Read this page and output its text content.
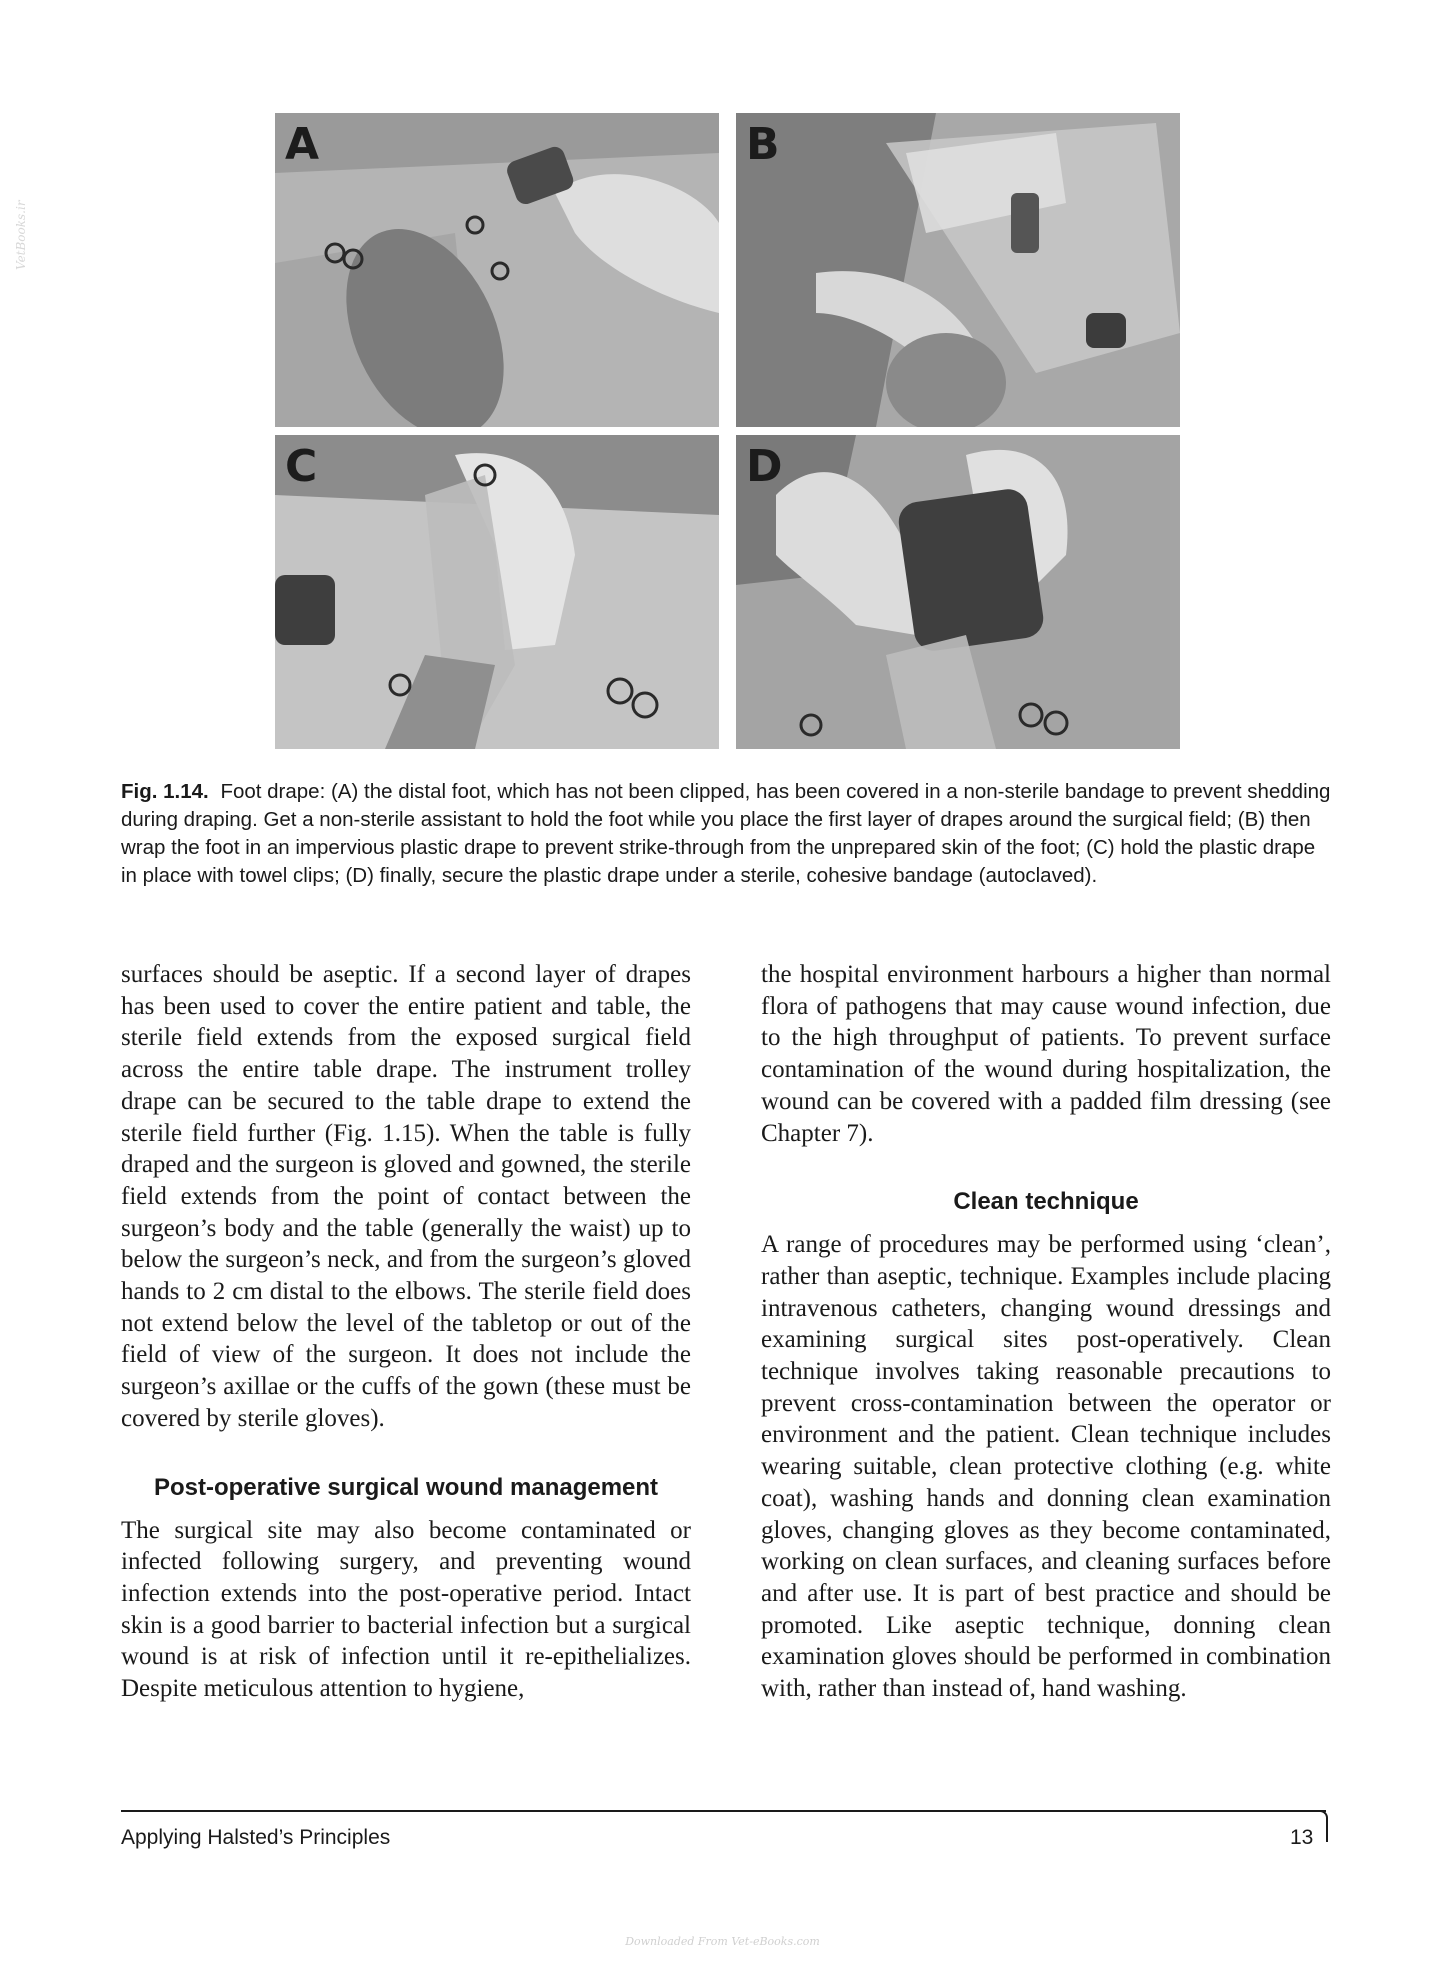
VetBooks.ir
A	B
C	D
Fig. 1.14. Foot drape: (A) the distal foot, which has not been clipped, has been covered in a non-sterile bandage to prevent shedding during draping. Get a non-sterile assistant to hold the foot while you place the first layer of drapes around the surgical field; (B) then wrap the foot in an impervious plastic drape to prevent strike-through from the unprepared skin of the foot; (C) hold the plastic drape in place with towel clips; (D) finally, secure the plastic drape under a sterile, cohesive bandage (autoclaved).

surfaces should be aseptic. If a second layer of drapes has been used to cover the entire patient and table, the sterile field extends from the exposed surgical field across the entire table drape. The instrument trolley drape can be secured to the table drape to extend the sterile field further (Fig. 1.15). When the table is fully draped and the surgeon is gloved and gowned, the sterile field extends from the point of contact between the surgeon’s body and the table (generally the waist) up to below the surgeon’s neck, and from the surgeon’s gloved hands to 2 cm distal to the elbows. The sterile field does not extend below the level of the tabletop or out of the field of view of the surgeon. It does not include the surgeon’s axillae or the cuffs of the gown (these must be covered by sterile gloves).

Post-operative surgical wound management

The surgical site may also become contaminated or infected following surgery, and preventing wound infection extends into the post-operative period. Intact skin is a good barrier to bacterial infection but a surgical wound is at risk of infection until it re-epithelializes. Despite meticulous attention to hygiene,

the hospital environment harbours a higher than normal flora of pathogens that may cause wound infection, due to the high throughput of patients. To prevent surface contamination of the wound during hospitalization, the wound can be covered with a padded film dressing (see Chapter 7).

Clean technique

A range of procedures may be performed using ‘clean’, rather than aseptic, technique. Examples include placing intravenous catheters, changing wound dressings and examining surgical sites post-operatively. Clean technique involves taking reasonable precautions to prevent cross-contamination between the operator or environment and the patient. Clean technique includes wearing suitable, clean protective clothing (e.g. white coat), washing hands and donning clean examination gloves, changing gloves as they become contaminated, working on clean surfaces, and cleaning surfaces before and after use. It is part of best practice and should be promoted. Like aseptic technique, donning clean examination gloves should be performed in combination with, rather than instead of, hand washing.

Applying Halsted’s Principles	13
Downloaded From Vet-eBooks.com
